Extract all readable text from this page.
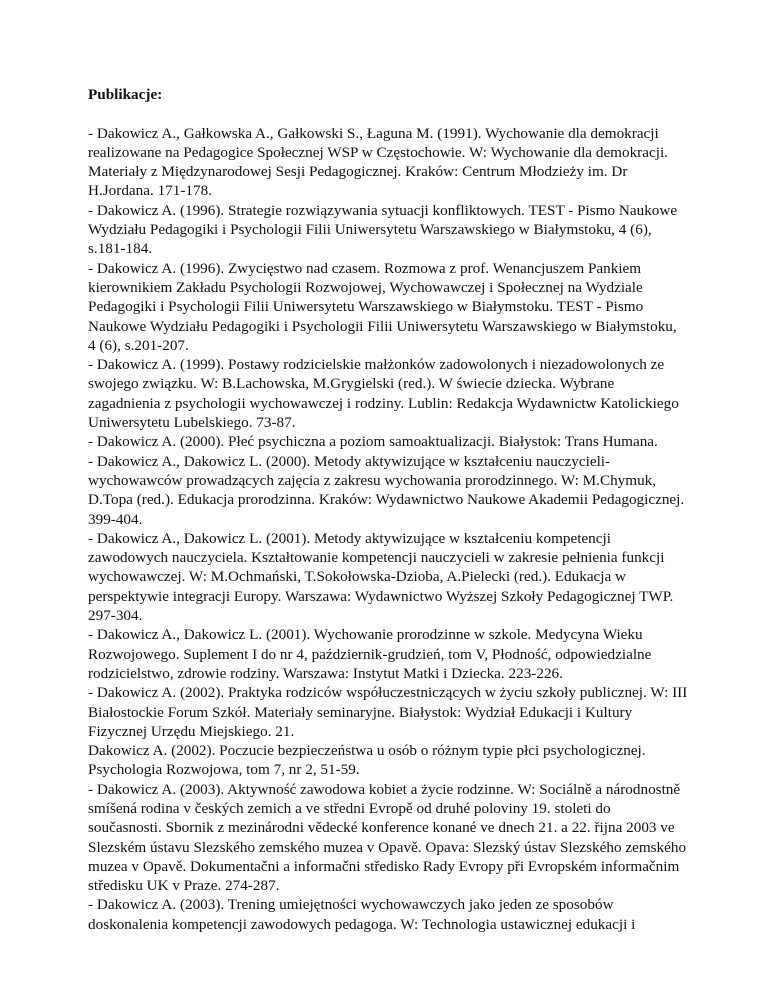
Publikacje:

- Dakowicz A., Gałkowska A., Gałkowski S., Łaguna M. (1991). Wychowanie dla demokracji realizowane na Pedagogice Społecznej WSP w Częstochowie. W: Wychowanie dla demokracji. Materiały z Międzynarodowej Sesji Pedagogicznej. Kraków: Centrum Młodzieży im. Dr H.Jordana. 171-178.

- Dakowicz A. (1996). Strategie rozwiązywania sytuacji konfliktowych. TEST - Pismo Naukowe Wydziału Pedagogiki i Psychologii Filii Uniwersytetu Warszawskiego w Białymstoku, 4 (6), s.181-184.

- Dakowicz A. (1996). Zwycięstwo nad czasem. Rozmowa z prof. Wenancjuszem Pankiem kierownikiem Zakładu Psychologii Rozwojowej, Wychowawczej i Społecznej na Wydziale Pedagogiki i Psychologii Filii Uniwersytetu Warszawskiego w Białymstoku. TEST - Pismo Naukowe Wydziału Pedagogiki i Psychologii Filii Uniwersytetu Warszawskiego w Białymstoku, 4 (6), s.201-207.

- Dakowicz A. (1999). Postawy rodzicielskie małżonków zadowolonych i niezadowolonych ze swojego związku. W: B.Lachowska, M.Grygielski (red.). W świecie dziecka. Wybrane zagadnienia z psychologii wychowawczej i rodziny. Lublin: Redakcja Wydawnictw Katolickiego Uniwersytetu Lubelskiego. 73-87.

- Dakowicz A. (2000). Płeć psychiczna a poziom samoaktualizacji. Białystok: Trans Humana.

- Dakowicz A., Dakowicz L. (2000). Metody aktywizujące w kształceniu nauczycieli-wychowawców prowadzących zajęcia z zakresu wychowania prorodzinnego. W: M.Chymuk, D.Topa (red.). Edukacja prorodzinna. Kraków: Wydawnictwo Naukowe Akademii Pedagogicznej. 399-404.

- Dakowicz A., Dakowicz L. (2001). Metody aktywizujące w kształceniu kompetencji zawodowych nauczyciela. Kształtowanie kompetencji nauczycieli w zakresie pełnienia funkcji wychowawczej. W: M.Ochmański, T.Sokołowska-Dzioba, A.Pielecki (red.). Edukacja w perspektywie integracji Europy. Warszawa: Wydawnictwo Wyższej Szkoły Pedagogicznej TWP. 297-304.

- Dakowicz A., Dakowicz L. (2001). Wychowanie prorodzinne w szkole. Medycyna Wieku Rozwojowego. Suplement I do nr 4, październik-grudzień, tom V, Płodność, odpowiedzialne rodzicielstwo, zdrowie rodziny. Warszawa: Instytut Matki i Dziecka. 223-226.

- Dakowicz A. (2002). Praktyka rodziców współuczestniczących w życiu szkoły publicznej. W: III Białostockie Forum Szkół. Materiały seminaryjne. Białystok: Wydział Edukacji i Kultury Fizycznej Urzędu Miejskiego. 21.

Dakowicz A. (2002). Poczucie bezpieczeństwa u osób o różnym typie płci psychologicznej. Psychologia Rozwojowa, tom 7, nr 2, 51-59.

- Dakowicz A. (2003). Aktywność zawodowa kobiet a życie rodzinne. W: Sociálně a národnostně smíšená rodina v českých zemich a ve středni Evropě od druhé poloviny 19. stoleti do současnosti. Sbornik z mezinárodni vědecké konference konané ve dnech 21. a 22. řijna 2003 ve Slezském ústavu Slezského zemského muzea v Opavě. Opava: Slezský ústav Slezského zemského muzea v Opavě. Dokumentačni a informačni středisko Rady Evropy při Evropském informačnim středisku UK v Praze. 274-287.

- Dakowicz A. (2003). Trening umiejętności wychowawczych jako jeden ze sposobów doskonalenia kompetencji zawodowych pedagoga. W: Technologia ustawicznej edukacji i
